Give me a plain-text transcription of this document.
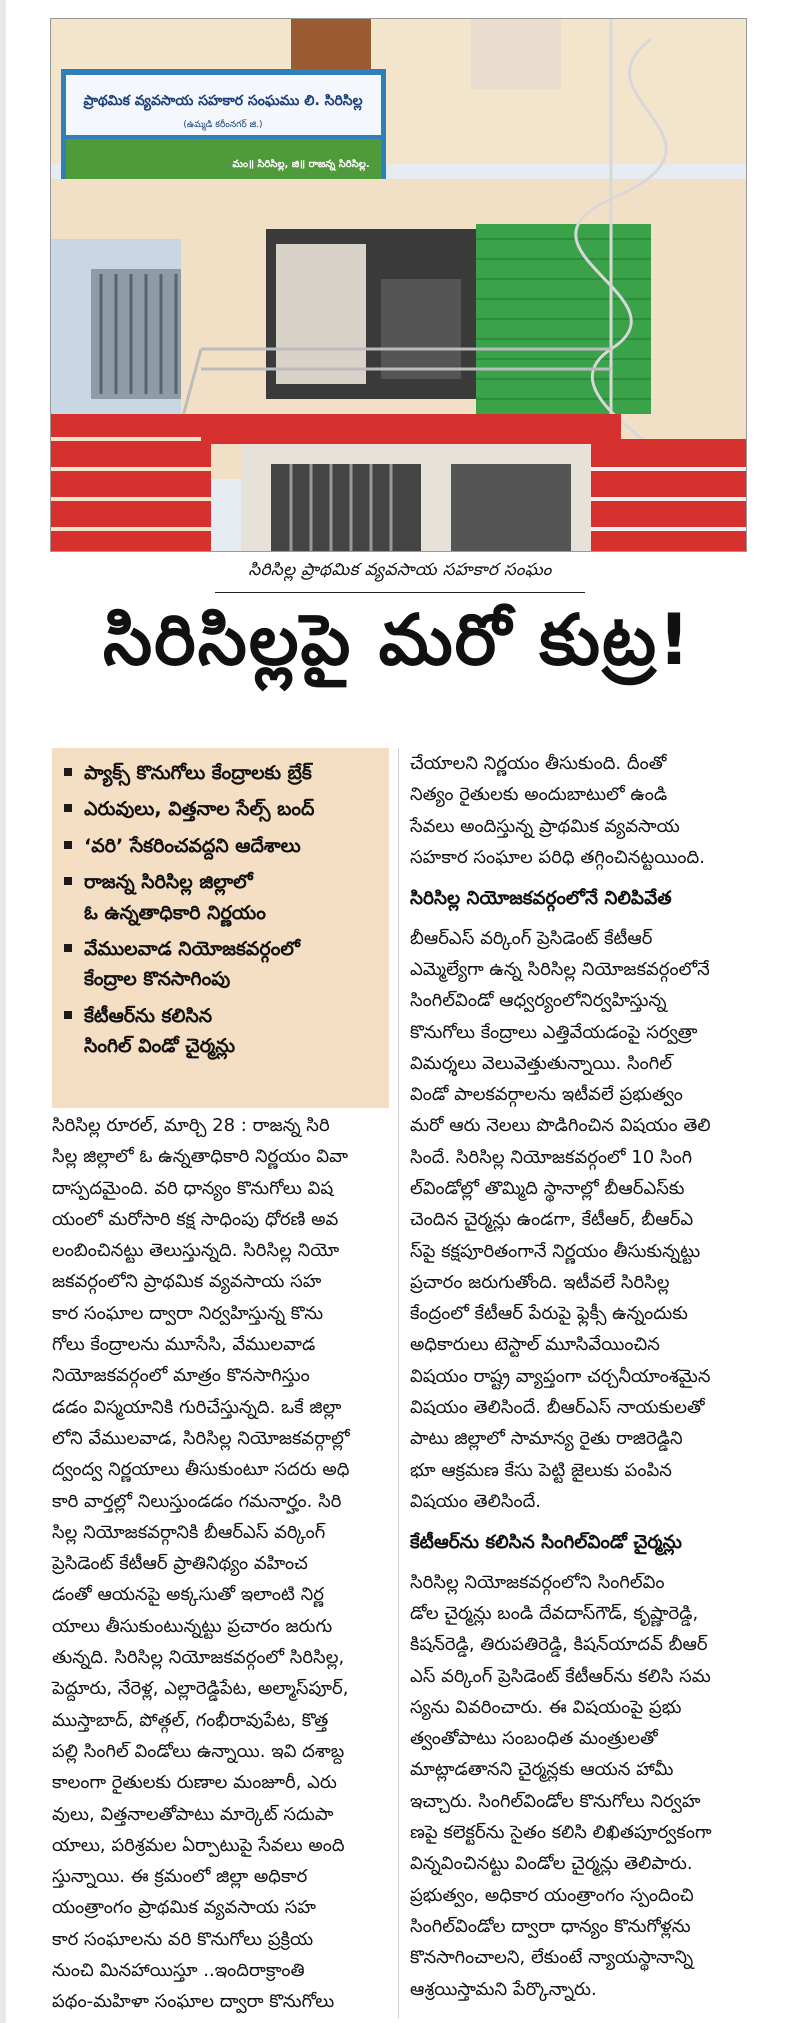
ప్రాథమిక వ్యవసాయ సహకార సంఘము లి. సిరిసిల్ల
(ఉమ్మడి కరీంనగర్ జి.)
మం॥ సిరిసిల్ల, జి॥ రాజన్న సిరిసిల్ల.
సిరిసిల్ల ప్రాథమిక వ్యవసాయ సహకార సంఘం
సిరిసిల్లపై మరో కుట్ర!
ప్యాక్స్ కొనుగోలు కేంద్రాలకు బ్రేక్
ఎరువులు, విత్తనాల సేల్స్ బంద్
‘వరి’ సేకరించవద్దని ఆదేశాలు
రాజన్న సిరిసిల్ల జిల్లాలో
ఓ ఉన్నతాధికారి నిర్ణయం
వేములవాడ నియోజకవర్గంలో
కేంద్రాల కొనసాగింపు
కేటీఆర్‌ను కలిసిన
సింగిల్ విండో చైర్మన్లు
సిరిసిల్ల రూరల్, మార్చి 28 : రాజన్న సిరి
సిల్ల జిల్లాలో ఓ ఉన్నతాధికారి నిర్ణయం వివా
దాస్పదమైంది. వరి ధాన్యం కొనుగోలు విష
యంలో మరోసారి కక్ష సాధింపు ధోరణి అవ
లంబించినట్టు తెలుస్తున్నది. సిరిసిల్ల నియో
జకవర్గంలోని ప్రాథమిక వ్యవసాయ సహ
కార సంఘాల ద్వారా నిర్వహిస్తున్న కొను
గోలు కేంద్రాలను మూసేసి, వేములవాడ
నియోజకవర్గంలో మాత్రం కొనసాగిస్తుం
డడం విస్మయానికి గురిచేస్తున్నది. ఒకే జిల్లా
లోని వేములవాడ, సిరిసిల్ల నియోజకవర్గాల్లో
ద్వంద్వ నిర్ణయాలు తీసుకుంటూ సదరు అధి
కారి వార్తల్లో నిలుస్తుండడం గమనార్హం. సిరి
సిల్ల నియోజకవర్గానికి బీఆర్‌ఎస్ వర్కింగ్
ప్రెసిడెంట్ కేటీఆర్ ప్రాతినిథ్యం వహించ
డంతో ఆయనపై అక్కసుతో ఇలాంటి నిర్ణ
యాలు తీసుకుంటున్నట్టు ప్రచారం జరుగు
తున్నది. సిరిసిల్ల నియోజకవర్గంలో సిరిసిల్ల,
పెద్దూరు, నేరెళ్ల, ఎల్లారెడ్డిపేట, అల్మాస్‌పూర్,
ముస్తాబాద్, పోత్గల్, గంభీరావుపేట, కొత్త
పల్లి సింగిల్ విండోలు ఉన్నాయి. ఇవి దశాబ్ద
కాలంగా రైతులకు రుణాల మంజూరీ, ఎరు
వులు, విత్తనాలతోపాటు మార్కెట్ సదుపా
యాలు, పరిశ్రమల ఏర్పాటుపై సేవలు అంది
స్తున్నాయి. ఈ క్రమంలో జిల్లా అధికార
యంత్రాంగం ప్రాథమిక వ్యవసాయ సహ
కార సంఘాలను వరి కొనుగోలు ప్రక్రియ
నుంచి మినహాయిస్తూ ..ఇందిరాక్రాంతి
పథం-మహిళా సంఘాల ద్వారా కొనుగోలు
చేయాలని నిర్ణయం తీసుకుంది. దీంతో
నిత్యం రైతులకు అందుబాటులో ఉండి
సేవలు అందిస్తున్న ప్రాథమిక వ్యవసాయ
సహకార సంఘాల పరిధి తగ్గించినట్టయింది.
సిరిసిల్ల నియోజకవర్గంలోనే నిలిపివేత
బీఆర్‌ఎస్ వర్కింగ్ ప్రెసిడెంట్ కేటీఆర్
ఎమ్మెల్యేగా ఉన్న సిరిసిల్ల నియోజకవర్గంలోనే
సింగిల్‌విండో ఆధ్వర్యంలోనిర్వహిస్తున్న
కొనుగోలు కేంద్రాలు ఎత్తివేయడంపై సర్వత్రా
విమర్శలు వెలువెత్తుతున్నాయి. సింగిల్
విండో పాలకవర్గాలను ఇటీవలే ప్రభుత్వం
మరో ఆరు నెలలు పొడిగించిన విషయం తెలి
సిందే. సిరిసిల్ల నియోజకవర్గంలో 10 సింగి
ల్‌విండోల్లో తొమ్మిది స్థానాల్లో బీఆర్‌ఎస్‌కు
చెందిన చైర్మన్లు ఉండగా, కేటీఆర్, బీఆర్‌ఎ
స్‌పై కక్షపూరితంగానే నిర్ణయం తీసుకున్నట్టు
ప్రచారం జరుగుతోంది. ఇటీవలే సిరిసిల్ల
కేంద్రంలో కేటీఆర్ పేరుపై ఫ్లెక్సీ ఉన్నందుకు
అధికారులు టెస్టాల్ మూసివేయించిన
విషయం రాష్ట్ర వ్యాప్తంగా చర్చనీయాంశమైన
విషయం తెలిసిందే. బీఆర్‌ఎస్ నాయకులతో
పాటు జిల్లాలో సామాన్య రైతు రాజిరెడ్డిని
భూ ఆక్రమణ కేసు పెట్టి జైలుకు పంపిన
విషయం తెలిసిందే.
కేటీఆర్‌ను కలిసిన సింగిల్‌విండో చైర్మన్లు
సిరిసిల్ల నియోజకవర్గంలోని సింగిల్‌విం
డోల చైర్మన్లు బండి దేవదాస్‌గౌడ్, కృష్ణారెడ్డి,
కిషన్‌రెడ్డి, తిరుపతిరెడ్డి, కిషన్‌యాదవ్ బీఆర్
ఎస్ వర్కింగ్ ప్రెసిడెంట్ కేటీఆర్‌ను కలిసి సమ
స్యను వివరించారు. ఈ విషయంపై ప్రభు
త్వంతోపాటు సంబంధిత మంత్రులతో
మాట్లాడతానని చైర్మన్లకు ఆయన హామీ
ఇచ్చారు. సింగిల్‌విండోల కొనుగోలు నిర్వహ
ణపై కలెక్టర్‌ను సైతం కలిసి లిఖితపూర్వకంగా
విన్నవించినట్టు విండోల చైర్మన్లు తెలిపారు.
ప్రభుత్వం, అధికార యంత్రాంగం స్పందించి
సింగిల్‌విండోల ద్వారా ధాన్యం కొనుగోళ్లను
కొనసాగించాలని, లేకుంటే న్యాయస్థానాన్ని
ఆశ్రయిస్తామని పేర్కొన్నారు.
